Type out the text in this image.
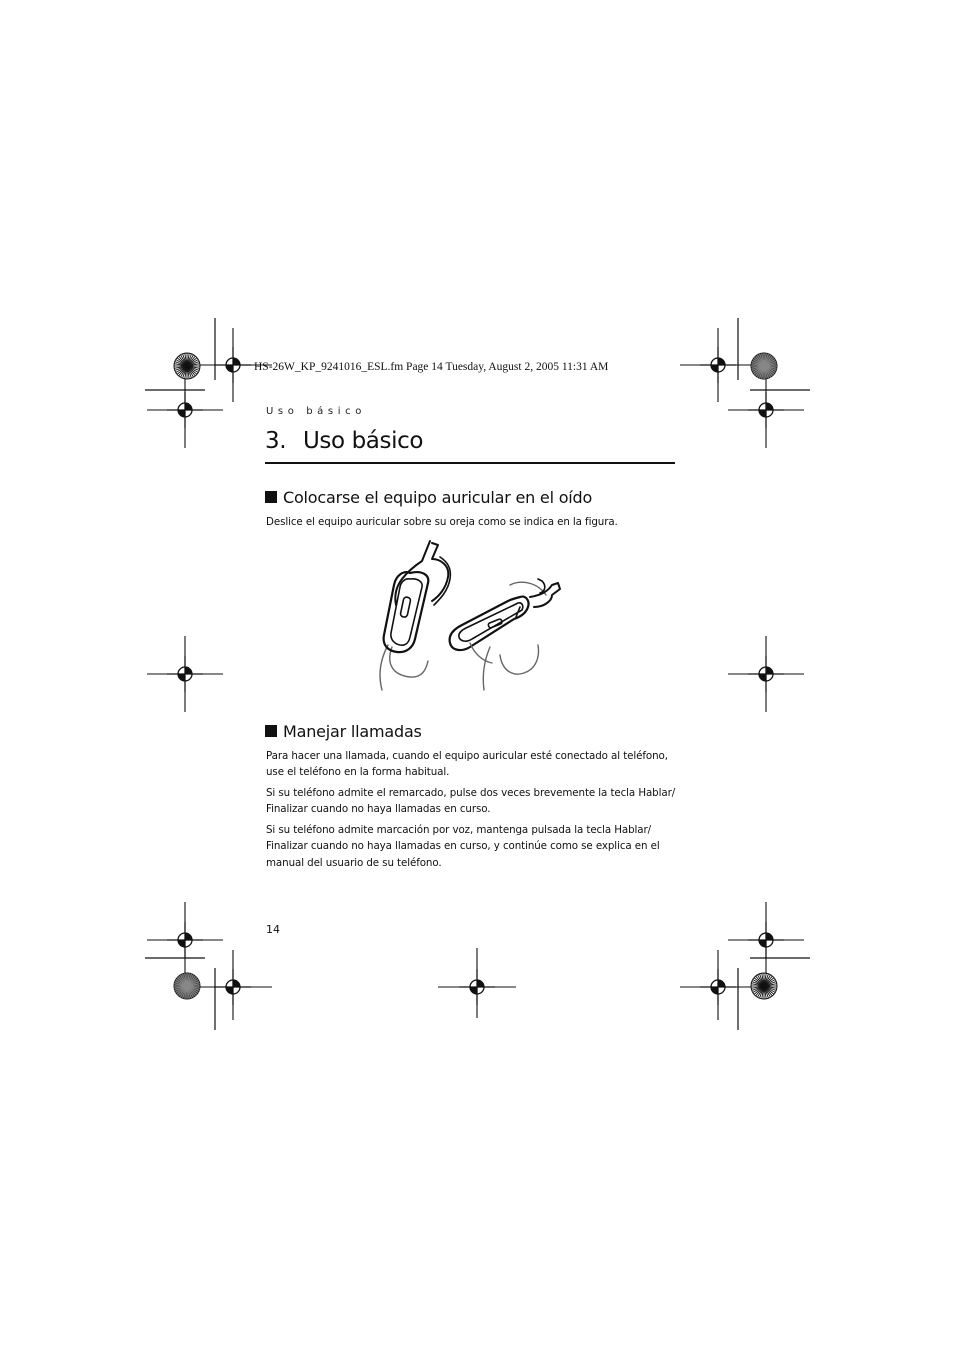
HS-26W_KP_9241016_ESL.fm Page 14 Tuesday, August 2, 2005 11:31 AM
Uso básico
3. Uso básico
Colocarse el equipo auricular en el oído
Deslice el equipo auricular sobre su oreja como se indica en la figura.
Manejar llamadas
Para hacer una llamada, cuando el equipo auricular esté conectado al teléfono,
use el teléfono en la forma habitual.
Si su teléfono admite el remarcado, pulse dos veces brevemente la tecla Hablar/
Finalizar cuando no haya llamadas en curso.
Si su teléfono admite marcación por voz, mantenga pulsada la tecla Hablar/
Finalizar cuando no haya llamadas en curso, y continúe como se explica en el
manual del usuario de su teléfono.
14
